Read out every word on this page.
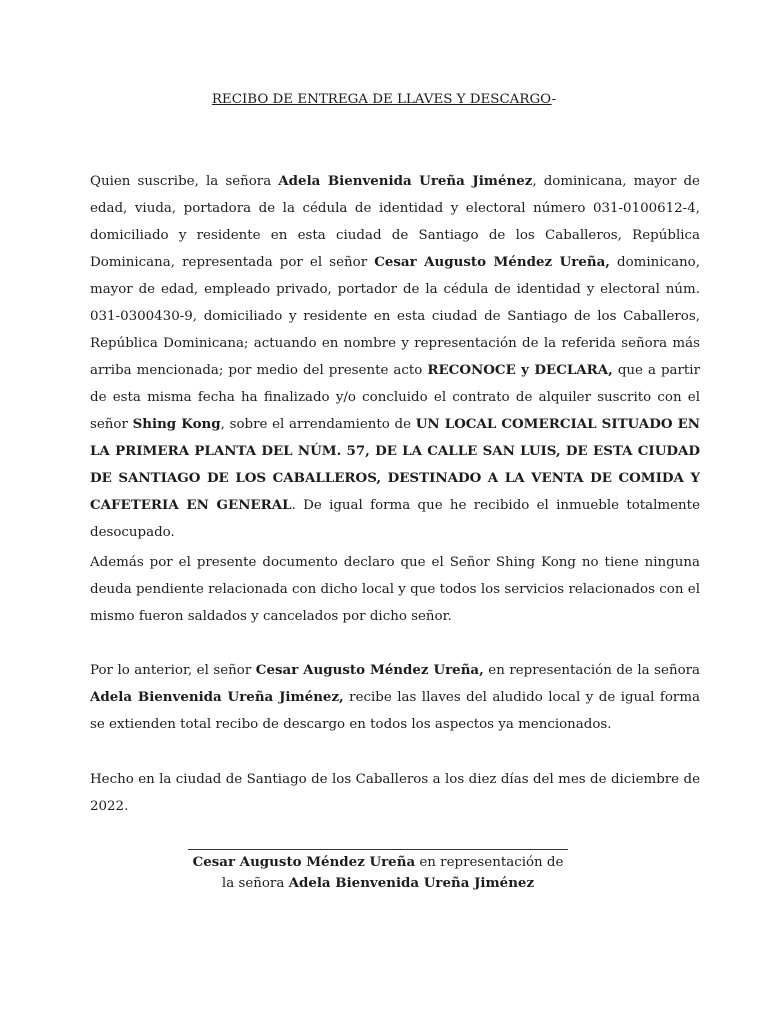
RECIBO DE ENTREGA DE LLAVES Y DESCARGO-

Quien suscribe, la señora Adela Bienvenida Ureña Jiménez, dominicana, mayor de edad, viuda, portadora de la cédula de identidad y electoral número 031-0100612-4, domiciliado y residente en esta ciudad de Santiago de los Caballeros, República Dominicana, representada por el señor Cesar Augusto Méndez Ureña, dominicano, mayor de edad, empleado privado, portador de la cédula de identidad y electoral núm. 031-0300430-9, domiciliado y residente en esta ciudad de Santiago de los Caballeros, República Dominicana; actuando en nombre y representación de la referida señora más arriba mencionada; por medio del presente acto RECONOCE y DECLARA, que a partir de esta misma fecha ha finalizado y/o concluido el contrato de alquiler suscrito con el señor Shing Kong, sobre el arrendamiento de UN LOCAL COMERCIAL SITUADO EN LA PRIMERA PLANTA DEL NÚM. 57, DE LA CALLE SAN LUIS, DE ESTA CIUDAD DE SANTIAGO DE LOS CABALLEROS, DESTINADO A LA VENTA DE COMIDA Y CAFETERIA EN GENERAL. De igual forma que he recibido el inmueble totalmente desocupado.

Además por el presente documento declaro que el Señor Shing Kong no tiene ninguna deuda pendiente relacionada con dicho local y que todos los servicios relacionados con el mismo fueron saldados y cancelados por dicho señor.

Por lo anterior, el señor Cesar Augusto Méndez Ureña, en representación de la señora Adela Bienvenida Ureña Jiménez, recibe las llaves del aludido local y de igual forma se extienden total recibo de descargo en todos los aspectos ya mencionados.

Hecho en la ciudad de Santiago de los Caballeros a los diez días del mes de diciembre de 2022.

Cesar Augusto Méndez Ureña en representación de
la señora Adela Bienvenida Ureña Jiménez
